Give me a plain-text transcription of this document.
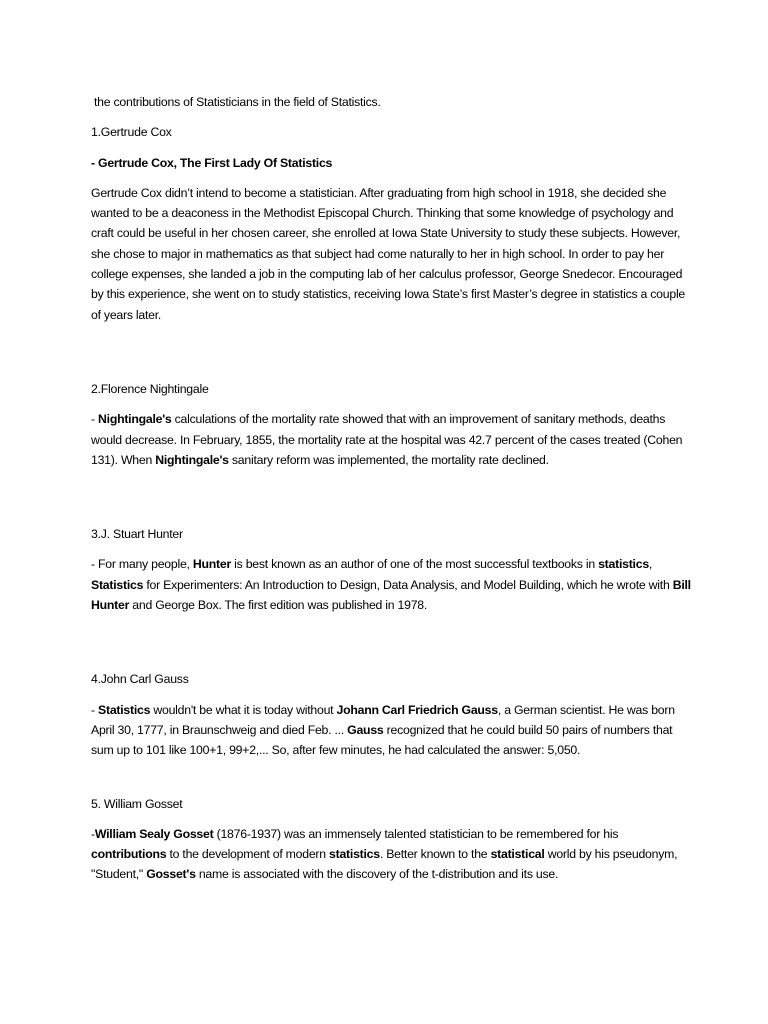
the contributions of Statisticians in the field of Statistics.

1.Gertrude Cox

- Gertrude Cox, The First Lady Of Statistics

Gertrude Cox didn’t intend to become a statistician. After graduating from high school in 1918, she decided she wanted to be a deaconess in the Methodist Episcopal Church. Thinking that some knowledge of psychology and craft could be useful in her chosen career, she enrolled at Iowa State University to study these subjects. However, she chose to major in mathematics as that subject had come naturally to her in high school. In order to pay her college expenses, she landed a job in the computing lab of her calculus professor, George Snedecor. Encouraged by this experience, she went on to study statistics, receiving Iowa State’s first Master’s degree in statistics a couple of years later.

2.Florence Nightingale

- Nightingale's calculations of the mortality rate showed that with an improvement of sanitary methods, deaths would decrease. In February, 1855, the mortality rate at the hospital was 42.7 percent of the cases treated (Cohen 131). When Nightingale's sanitary reform was implemented, the mortality rate declined.

3.J. Stuart Hunter

- For many people, Hunter is best known as an author of one of the most successful textbooks in statistics, Statistics for Experimenters: An Introduction to Design, Data Analysis, and Model Building, which he wrote with Bill Hunter and George Box. The first edition was published in 1978.

4.John Carl Gauss

- Statistics wouldn't be what it is today without Johann Carl Friedrich Gauss, a German scientist. He was born April 30, 1777, in Braunschweig and died Feb. ... Gauss recognized that he could build 50 pairs of numbers that sum up to 101 like 100+1, 99+2,... So, after few minutes, he had calculated the answer: 5,050.

5. William Gosset

-William Sealy Gosset (1876-1937) was an immensely talented statistician to be remembered for his contributions to the development of modern statistics. Better known to the statistical world by his pseudonym, "Student," Gosset's name is associated with the discovery of the t-distribution and its use.
